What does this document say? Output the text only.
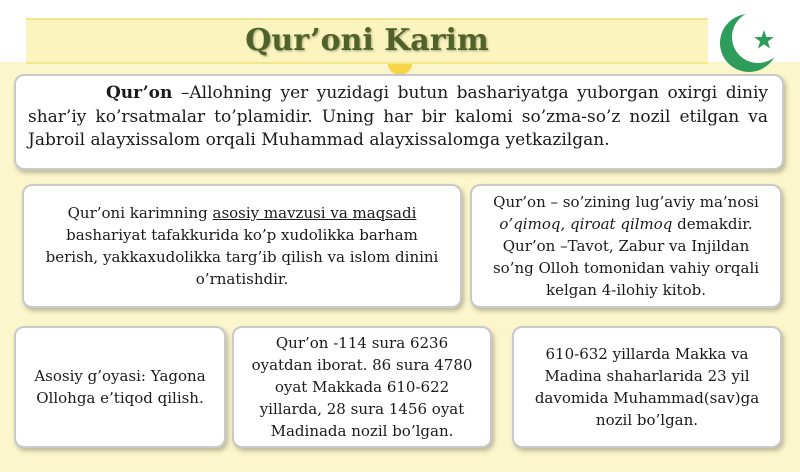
Qur’oni Karim

Qur’on –Allohning yer yuzidagi butun bashariyatga yuborgan oxirgi diniy shar’iy ko’rsatmalar to’plamidir. Uning har bir kalomi so’zma-so’z nozil etilgan va Jabroil alayxissalom orqali Muhammad alayxissalomga yetkazilgan.

Qur’oni karimning asosiy mavzusi va maqsadi bashariyat tafakkurida ko’p xudolikka barham berish, yakkaxudolikka targ’ib qilish va islom dinini o’rnatishdir.

Qur’on – so’zining lug’aviy ma’nosi o’qimoq, qiroat qilmoq demakdir. Qur’on –Tavot, Zabur va Injildan so’ng Olloh tomonidan vahiy orqali kelgan 4-ilohiy kitob.

Asosiy g’oyasi: Yagona Ollohga e’tiqod qilish.

Qur’on -114 sura 6236 oyatdan iborat. 86 sura 4780 oyat Makkada 610-622 yillarda, 28 sura 1456 oyat Madinada nozil bo’lgan.

610-632 yillarda Makka va Madina shaharlarida 23 yil davomida Muhammad(sav)ga nozil bo’lgan.
